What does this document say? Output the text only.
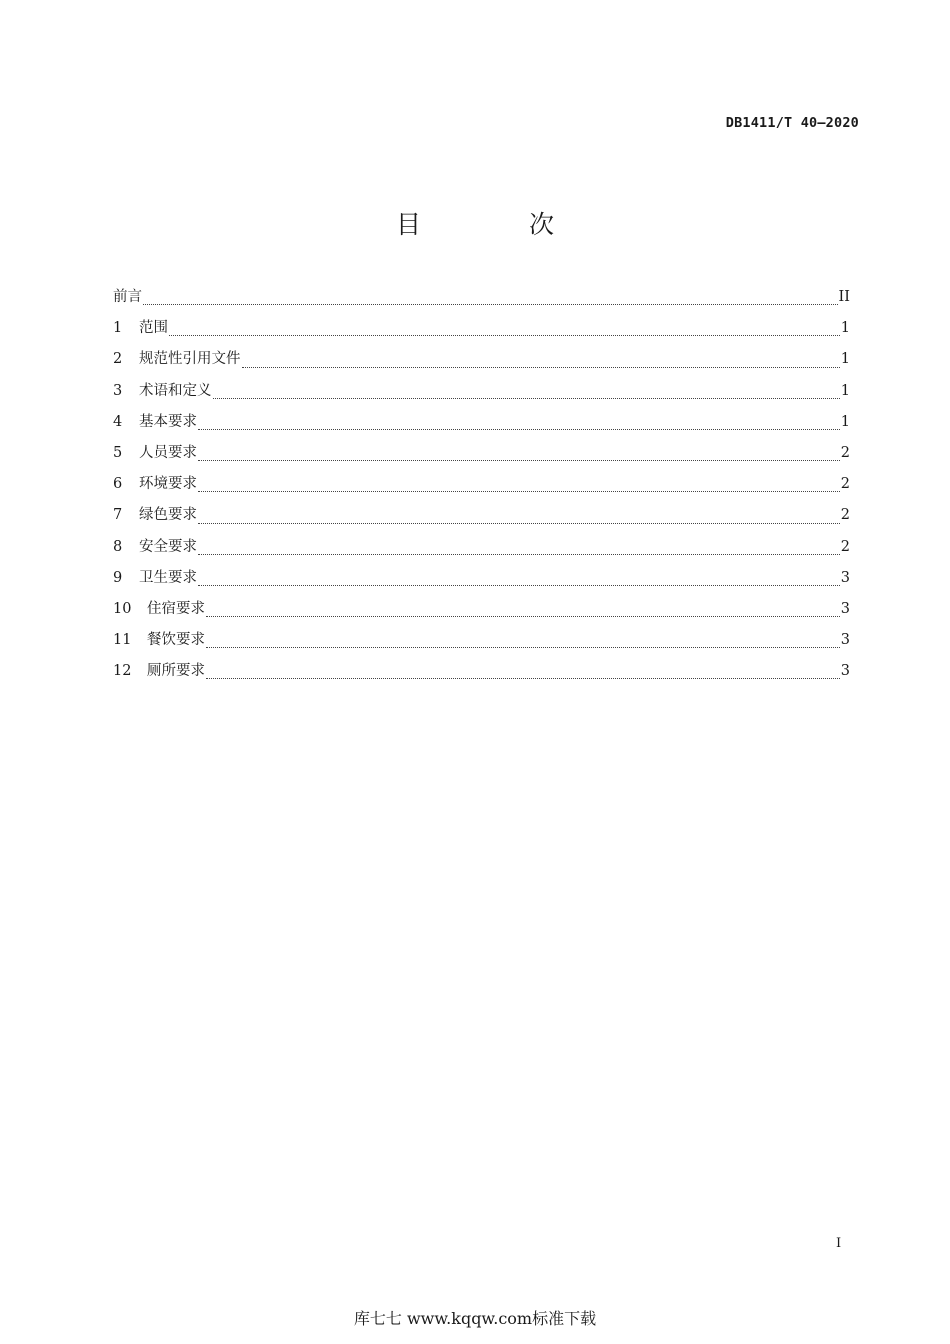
DB1411/T 40—2020
目 次
前言	II
1	范围	1
2	规范性引用文件	1
3	术语和定义	1
4	基本要求	1
5	人员要求	2
6	环境要求	2
7	绿色要求	2
8	安全要求	2
9	卫生要求	3
10	住宿要求	3
11	餐饮要求	3
12	厕所要求	3
I
库七七 www.kqqw.com标准下载
